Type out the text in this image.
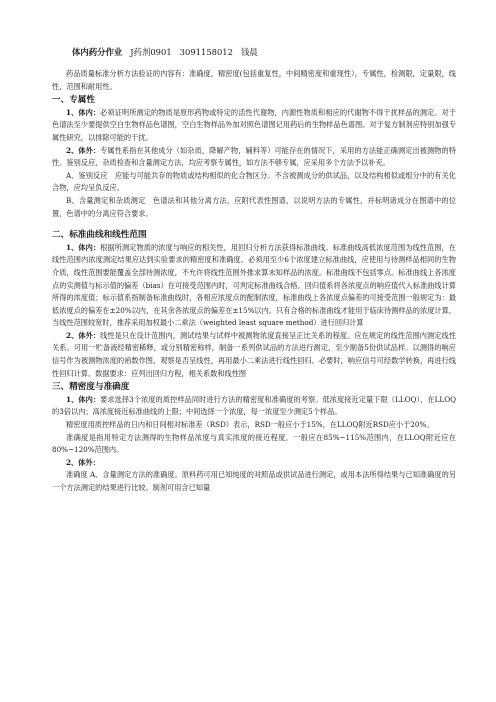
体内药分作业 J药剂0901 3091158012 钱晨

药品质量标准分析方法验证的内容有：准确度，精密度(包括重复性，中间精密度和重现性），专属性，检测限，定量限，线性，范围和耐用性。

一、专属性

1、体内：必须证明所测定的物质是原形药物或特定的活性代谢物，内源性物质和相应的代谢物不得干扰样品的测定。对于色谱法至少要提供空白生物样品色谱图，空白生物样品外加对照色谱图记用药后的生物样品色谱图。对于复方制剂应特别加强专属性研究，以排除可能的干扰。

2、体外：专属性系指在其他成分（如杂质，降解产物，辅料等）可能存在的情况下，采用的方法能正确测定出被测物的特性。鉴别反应，杂质检查和含量测定方法，均应考察专属性，如方法不够专属，应采用多个方法予以补充。

A、鉴别反应  应能与可能共存的物质或结构相似的化合物区分。不含被测成分的供试品，以及结构相似或组分中的有关化合物，应均呈负反应。

B、含量测定和杂质测定  色谱法和其他分离方法，应附代表性图谱，以说明方法的专属性，并标明诸成分在图谱中的位置，色谱中的分离应符合要求。

二、标准曲线和线性范围

1、体内：根据所测定物质的浓度与响应的相关性，用回归分析方法获得标准曲线。标准曲线高低浓度范围为线性范围，在线性范围内浓度测定结果应达到实验要求的精密度和准确度。必须用至少6个浓度建立标准曲线，应使用与待测样品相同的生物介质，线性范围要能覆盖全部待测浓度，不允许将线性范围外推求算未知样品的浓度。标准曲线不包括零点。标准曲线上各浓度点的实测值与标示值的偏差（bias）在可接受范围内时，可判定标准曲线合格。回归值系将各浓度点的响应值代入标准曲线计算所得的浓度值；标示值系指制备标准曲线时，各相应浓度点的配制浓度，标准曲线上各浓度点偏差的可接受范围一般规定为：最低浓度点的偏差在±20%以内，在其余各浓度点的偏差在±15%以内。只有合格的标准曲线才能用于临床待测样品的浓度计算，当线性范围较宽时，推荐采用加权最小二乘法（weighted least square method）进行回归计算

2、体外：线性是只在设计范围内，测试结果与试样中被测物浓度直接呈正比关系的程度。应在规定的线性范围内测定线性关系。可用一贮备液经精密稀释，或分别精密称样，制备一系列供试品的方法进行测定，至少制备5份供试品样。以测得的响应信号作为被测物浓度的函数作图，观察是否呈线性，再用最小二乘法进行线性回归。必要时，响应信号可经数学转换，再进行线性回归计算。数据要求：应列出回归方程，相关系数和线性图

三、精密度与准确度

1、体内：要求选择3个浓度的质控样品同时进行方法的精密度和准确度的考察。低浓度接近定量下限（LLOQ），在LLOQ的3倍以内；高浓度接近标准曲线的上限；中间选择一个浓度，每一浓度至少测定5个样品。

精密度用质控样品的日内和日间相对标准差（RSD）表示，RSD一般应小于15%，在LLOQ附近RSD应小于20%。

准确度是指用特定方法测得的生物样品浓度与真实浓度的接近程度，一般应在85%~115%范围内，在LLOQ附近应在80%~120%范围内。

2、体外：

准确度 A、含量测定方法的准确度。原料药可用已知纯度的对照品或供试品进行测定，或用本法所得结果与已知准确度的另一个方法测定的结果进行比较。制剂可用含已知量
